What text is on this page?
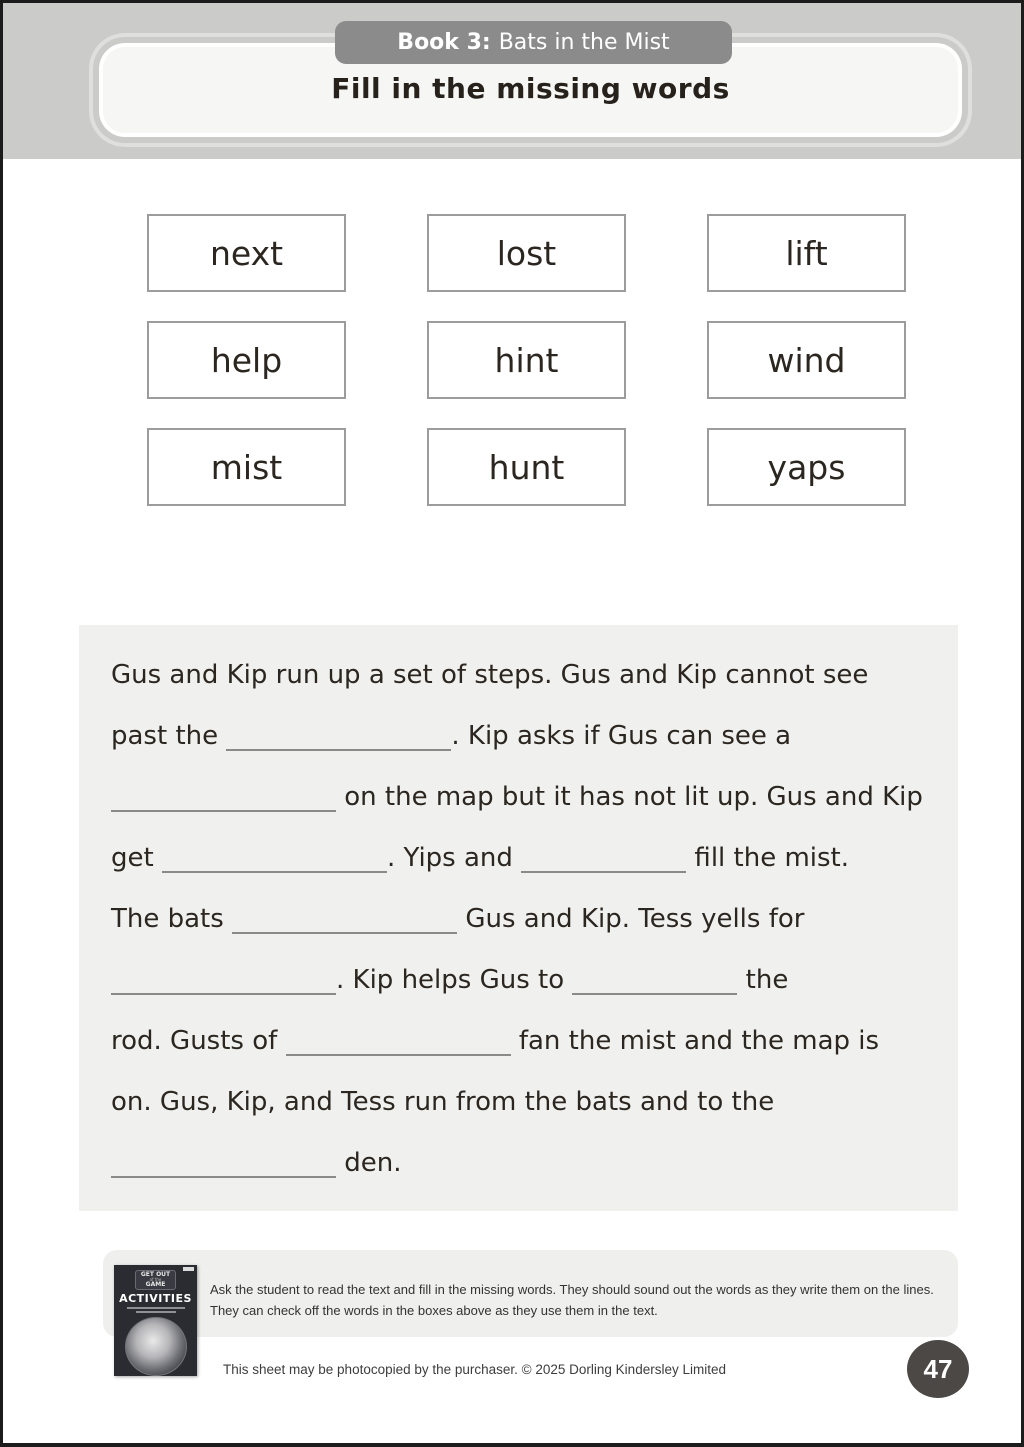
Book 3: Bats in the Mist
Fill in the missing words
next	lost	lift
help	hint	wind
mist	hunt	yaps
Gus and Kip run up a set of steps. Gus and Kip cannot see
past the	. Kip asks if Gus can see a
on the map but it has not lit up. Gus and Kip
get	. Yips and	fill the mist.
The bats	Gus and Kip. Tess yells for
. Kip helps Gus to	the
rod. Gusts of	fan the mist and the map is
on. Gus, Kip, and Tess run from the bats and to the
den.
GET OUT
of the
GAME
ACTIVITIES
Ask the student to read the text and fill in the missing words. They should sound out the words as they write them on the lines.
They can check off the words in the boxes above as they use them in the text.
This sheet may be photocopied by the purchaser. © 2025 Dorling Kindersley Limited	47
